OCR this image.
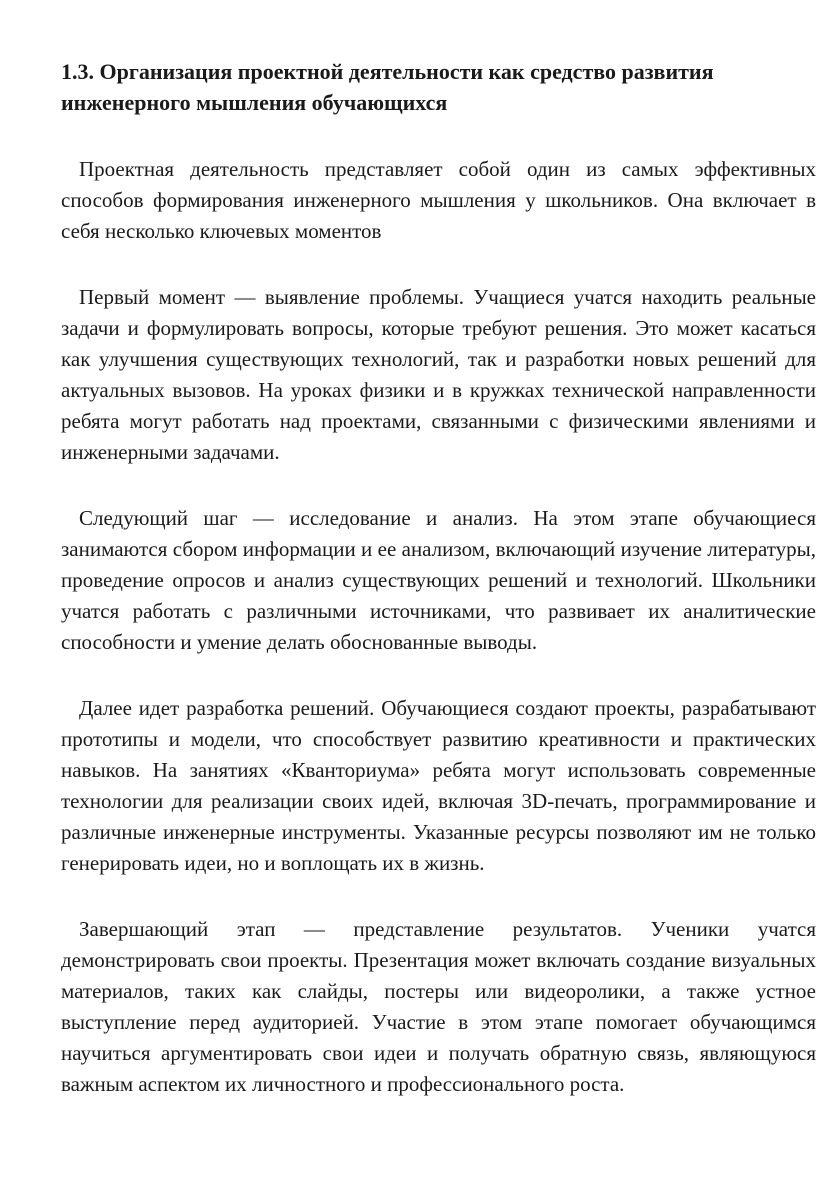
1.3. Организация проектной деятельности как средство развития инженерного мышления обучающихся

Проектная деятельность представляет собой один из самых эффективных способов формирования инженерного мышления у школьников. Она включает в себя несколько ключевых моментов

Первый момент — выявление проблемы. Учащиеся учатся находить реальные задачи и формулировать вопросы, которые требуют решения. Это может касаться как улучшения существующих технологий, так и разработки новых решений для актуальных вызовов. На уроках физики и в кружках технической направленности ребята могут работать над проектами, связанными с физическими явлениями и инженерными задачами.

Следующий шаг — исследование и анализ. На этом этапе обучающиеся занимаются сбором информации и ее анализом, включающий изучение литературы, проведение опросов и анализ существующих решений и технологий. Школьники учатся работать с различными источниками, что развивает их аналитические способности и умение делать обоснованные выводы.

Далее идет разработка решений. Обучающиеся создают проекты, разрабатывают прототипы и модели, что способствует развитию креативности и практических навыков. На занятиях «Кванториума» ребята могут использовать современные технологии для реализации своих идей, включая 3D-печать, программирование и различные инженерные инструменты. Указанные ресурсы позволяют им не только генерировать идеи, но и воплощать их в жизнь.

Завершающий этап — представление результатов. Ученики учатся демонстрировать свои проекты. Презентация может включать создание визуальных материалов, таких как слайды, постеры или видеоролики, а также устное выступление перед аудиторией. Участие в этом этапе помогает обучающимся научиться аргументировать свои идеи и получать обратную связь, являющуюся важным аспектом их личностного и профессионального роста.
